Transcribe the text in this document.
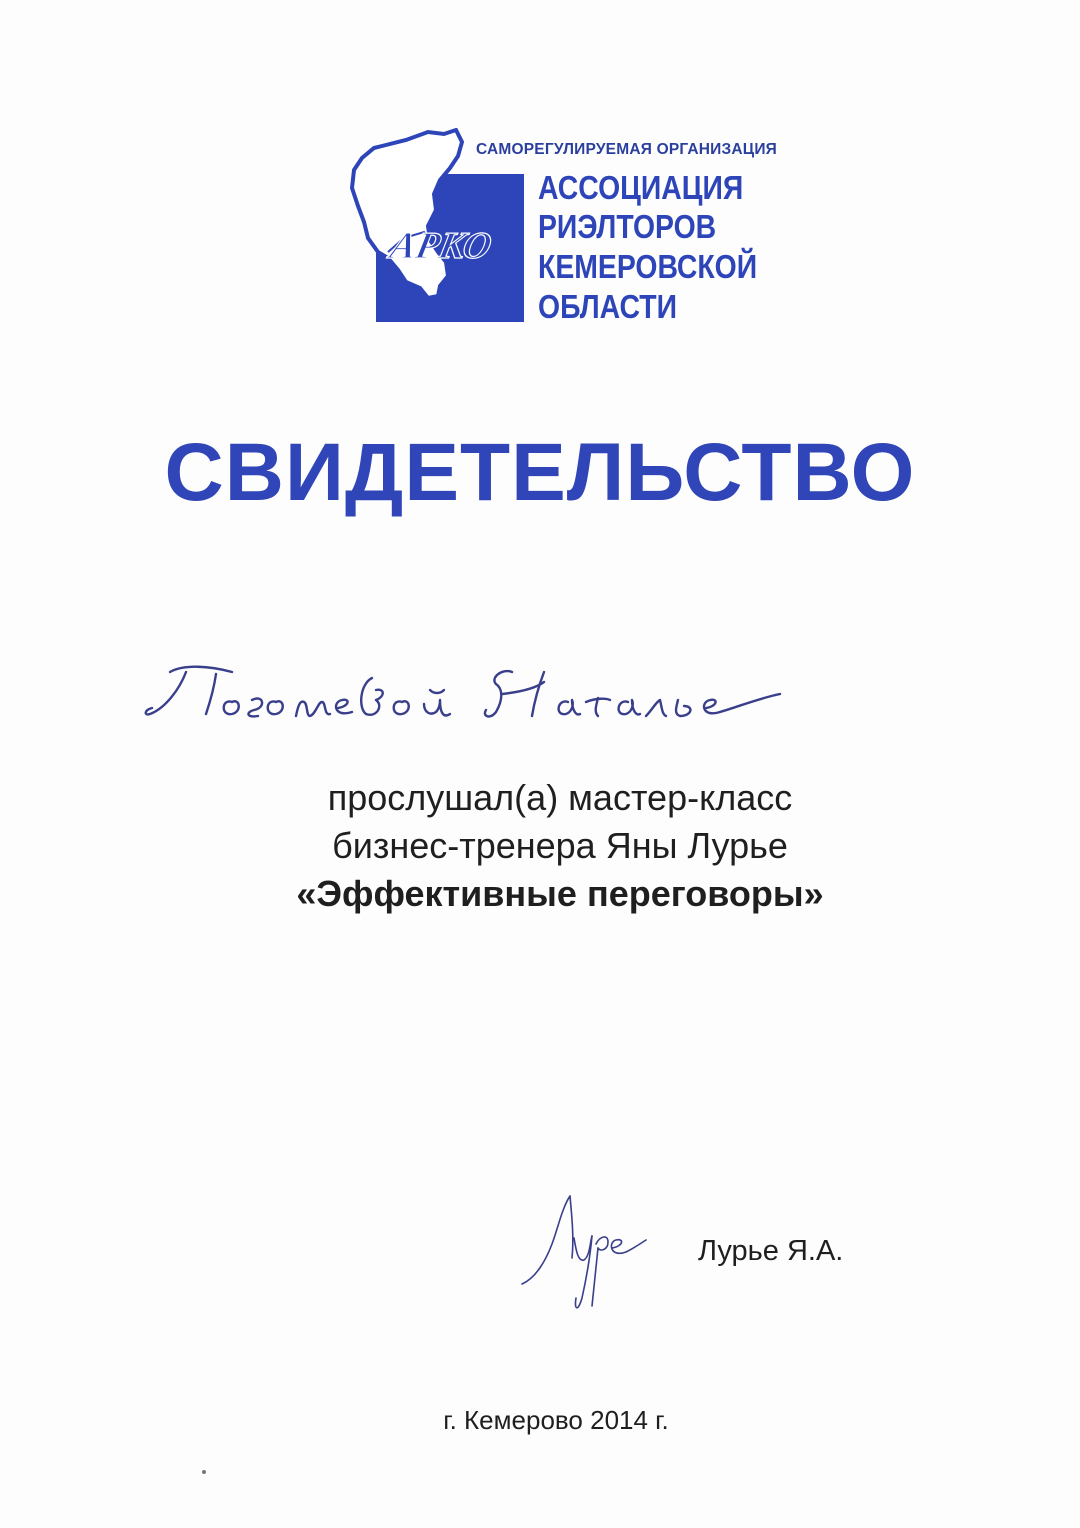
АРКО
САМОРЕГУЛИРУЕМАЯ ОРГАНИЗАЦИЯ
АССОЦИАЦИЯ
РИЭЛТОРОВ
КЕМЕРОВСКОЙ
ОБЛАСТИ
СВИДЕТЕЛЬСТВО
прослушал(а) мастер-класс
бизнес-тренера Яны Лурье
«Эффективные переговоры»
Лурье Я.А.
г. Кемерово 2014 г.
